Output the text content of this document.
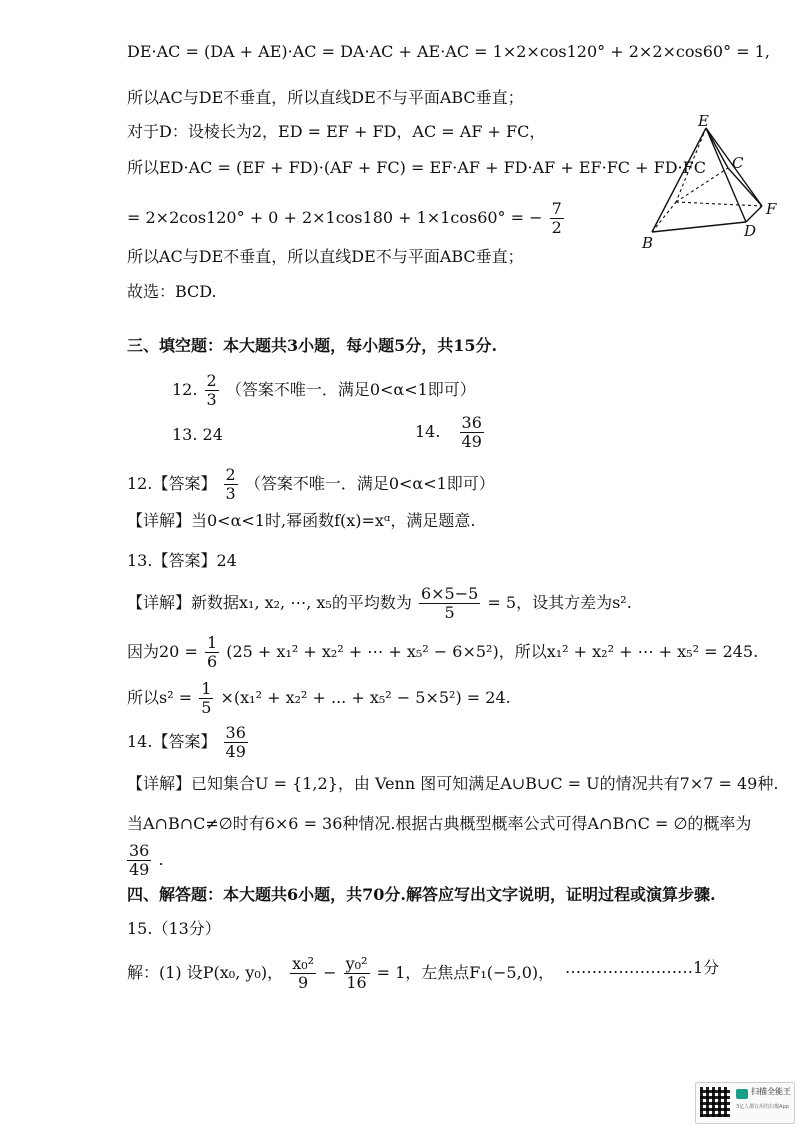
DE·AC = (DA + AE)·AC = DA·AC + AE·AC = 1×2×cos120° + 2×2×cos60° = 1,
所以AC与DE不垂直，所以直线DE不与平面ABC垂直；
对于D：设棱长为2，ED = EF + FD，AC = AF + FC，
所以ED·AC = (EF + FD)·(AF + FC) = EF·AF + FD·AF + EF·FC + FD·FC
= 2×2cos120° + 0 + 2×1cos180 + 1×1cos60° = − $\frac{7}{2}$
所以AC与DE不垂直，所以直线DE不与平面ABC垂直；
故选：BCD.
E
C
F
D
B
三、填空题：本大题共3小题，每小题5分，共15分.
12. $\frac{2}{3}$ （答案不唯一．满足0<α<1即可）
13. 24	14. $\frac{36}{49}$
12.【答案】 $\frac{2}{3}$ （答案不唯一．满足0<α<1即可）
【详解】当0<α<1时,幂函数f(x)=xᵅ，满足题意.
13.【答案】24
【详解】新数据x₁, x₂, ⋯, x₅的平均数为 $\frac{6\times 5-5}{5} = 5$，设其方差为s².
因为$20 = \frac{1}{6} (25 + x_1^2 + x_2^2$ + ⋯ + x₅² − 6×5²)，所以x₁² + x₂² + ⋯ + x₅² = 245.
所以$s^2 = \frac{1}{5} \times(x_1^2 + x_2^2$ + ... + x₅² − 5×5²) = 24.
14.【答案】 $\frac{36}{49}$
【详解】已知集合U = {1,2}，由 Venn 图可知满足A∪B∪C = U的情况共有7×7 = 49种.
当A∩B∩C≠∅时有6×6 = 36种情况.根据古典概型概率公式可得A∩B∩C = ∅的概率为
$\frac{36}{49}$ .
四、解答题：本大题共6小题，共70分.解答应写出文字说明，证明过程或演算步骤.
15.（13分）
解：(1) 设P(x₀, y₀)， $\frac{\text{x₀²}}{9} - \frac{\text{y₀²}}{16} = 1$，左焦点F₁(−5,0)， ……………………1分
扫描全能王
3亿人都在用的扫描App
